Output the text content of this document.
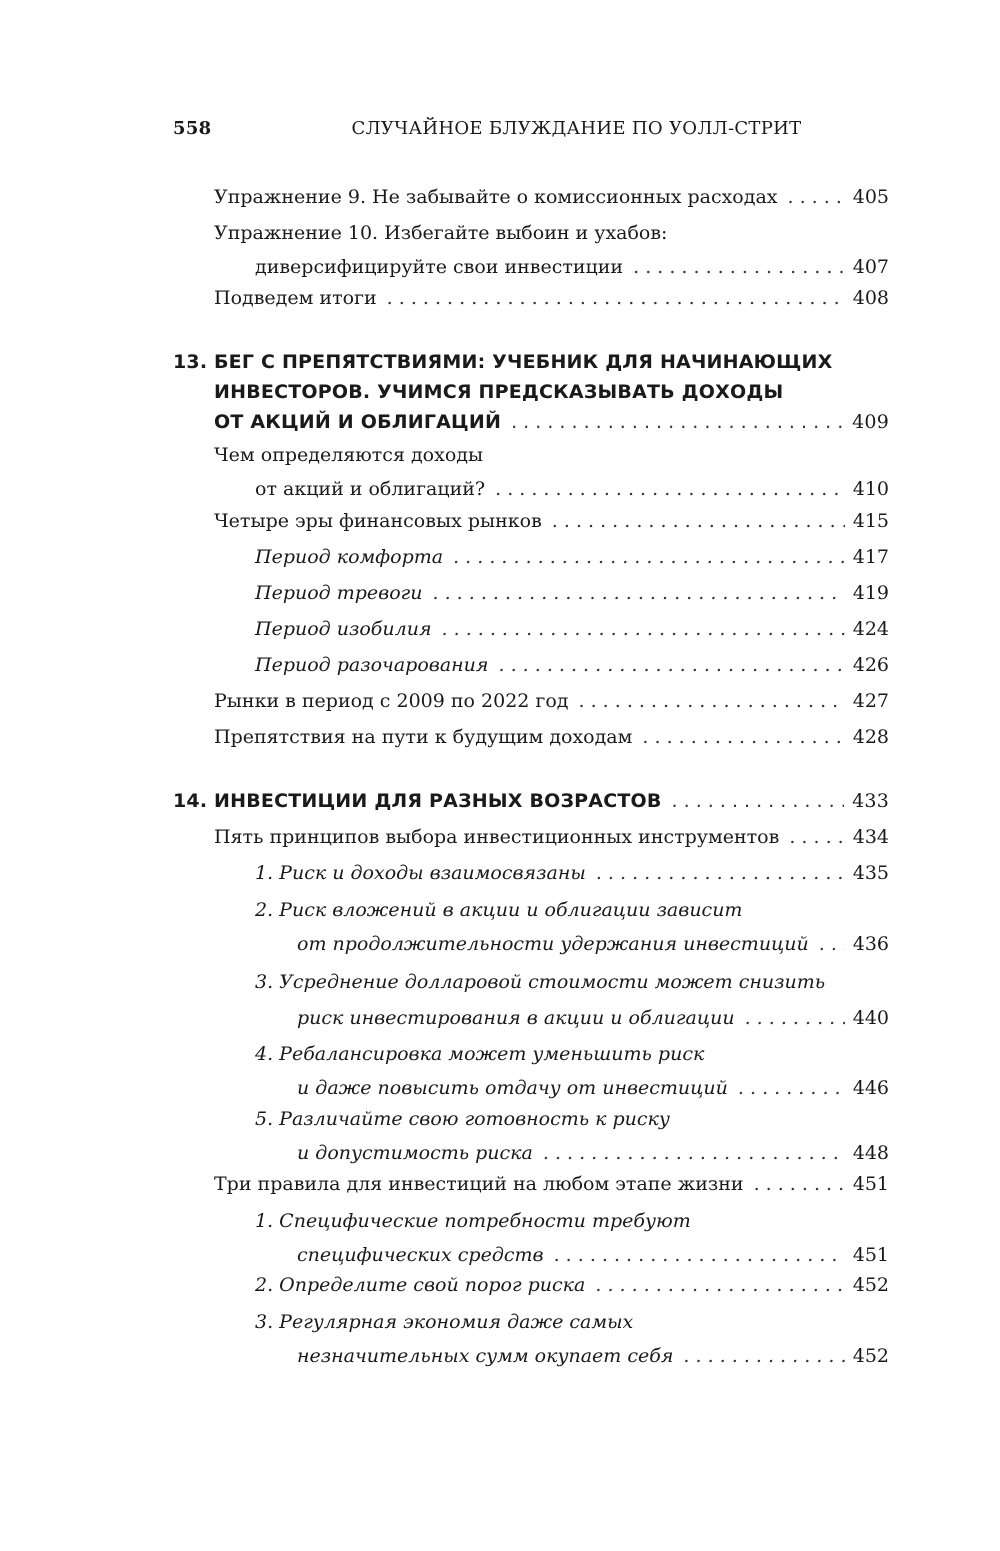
558	СЛУЧАЙНОЕ БЛУЖДАНИЕ ПО УОЛЛ-СТРИТ
Упражнение 9. Не забывайте о комиссионных расходах . . .	405
Упражнение 10. Избегайте выбоин и ухабов:
диверсифицируйте свои инвестиции . . .	407
Подведем итоги . . .	408
13. БЕГ С ПРЕПЯТСТВИЯМИ: УЧЕБНИК ДЛЯ НАЧИНАЮЩИХ
ИНВЕСТОРОВ. УЧИМСЯ ПРЕДСКАЗЫВАТЬ ДОХОДЫ
ОТ АКЦИЙ И ОБЛИГАЦИЙ . . .	409
Чем определяются доходы
от акций и облигаций? . . .	410
Четыре эры финансовых рынков . . .	415
Период комфорта . . .	417
Период тревоги . . .	419
Период изобилия . . .	424
Период разочарования . . .	426
Рынки в период с 2009 по 2022 год . . .	427
Препятствия на пути к будущим доходам . . .	428
14. ИНВЕСТИЦИИ ДЛЯ РАЗНЫХ ВОЗРАСТОВ . . .	433
Пять принципов выбора инвестиционных инструментов . . .	434
1. Риск и доходы взаимосвязаны . . .	435
2. Риск вложений в акции и облигации зависит
от продолжительности удержания инвестиций . . . 436
3. Усреднение долларовой стоимости может снизить
риск инвестирования в акции и облигации . . .	440
4. Ребалансировка может уменьшить риск
и даже повысить отдачу от инвестиций . . .	446
5. Различайте свою готовность к риску
и допустимость риска . . .	448
Три правила для инвестиций на любом этапе жизни . . .	451
1. Специфические потребности требуют
специфических средств . . .	451
2. Определите свой порог риска . . .	452
3. Регулярная экономия даже самых
незначительных сумм окупает себя . . .	452
